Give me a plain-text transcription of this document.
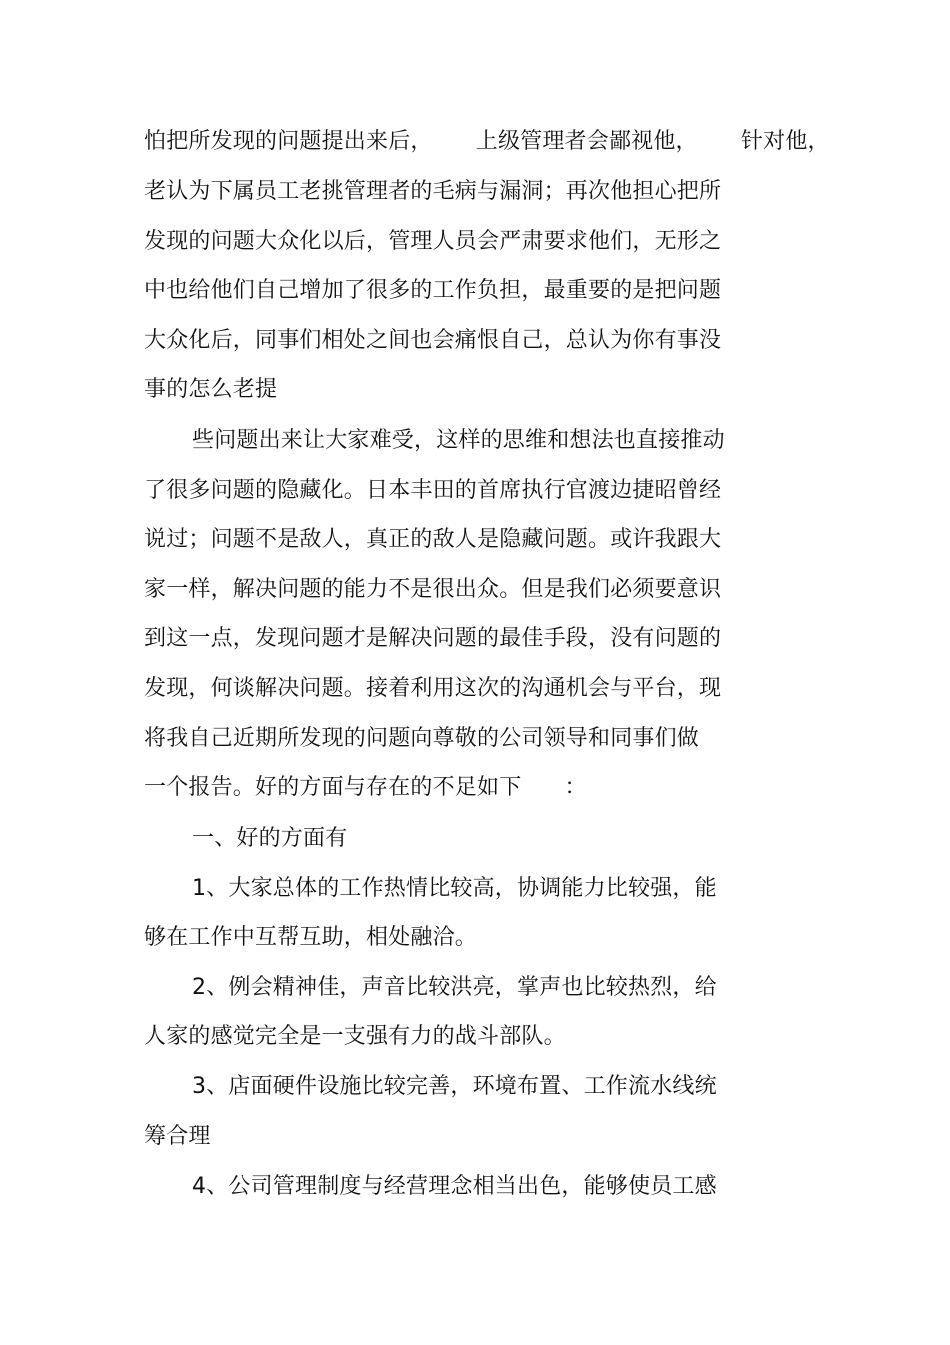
怕把所发现的问题提出来后，      上级管理者会鄙视他，      针对他，
老认为下属员工老挑管理者的毛病与漏洞；再次他担心把所
发现的问题大众化以后，管理人员会严肃要求他们，无形之
中也给他们自己增加了很多的工作负担，最重要的是把问题
大众化后，同事们相处之间也会痛恨自己，总认为你有事没
事的怎么老提
些问题出来让大家难受，这样的思维和想法也直接推动
了很多问题的隐藏化。日本丰田的首席执行官渡边捷昭曾经
说过；问题不是敌人，真正的敌人是隐藏问题。或许我跟大
家一样，解决问题的能力不是很出众。但是我们必须要意识
到这一点，发现问题才是解决问题的最佳手段，没有问题的
发现，何谈解决问题。接着利用这次的沟通机会与平台，现
将我自己近期所发现的问题向尊敬的公司领导和同事们做
一个报告。好的方面与存在的不足如下      ：
一、好的方面有
1、大家总体的工作热情比较高，协调能力比较强，能
够在工作中互帮互助，相处融洽。
2、例会精神佳，声音比较洪亮，掌声也比较热烈，给
人家的感觉完全是一支强有力的战斗部队。
3、店面硬件设施比较完善，环境布置、工作流水线统
筹合理
4、公司管理制度与经营理念相当出色，能够使员工感
